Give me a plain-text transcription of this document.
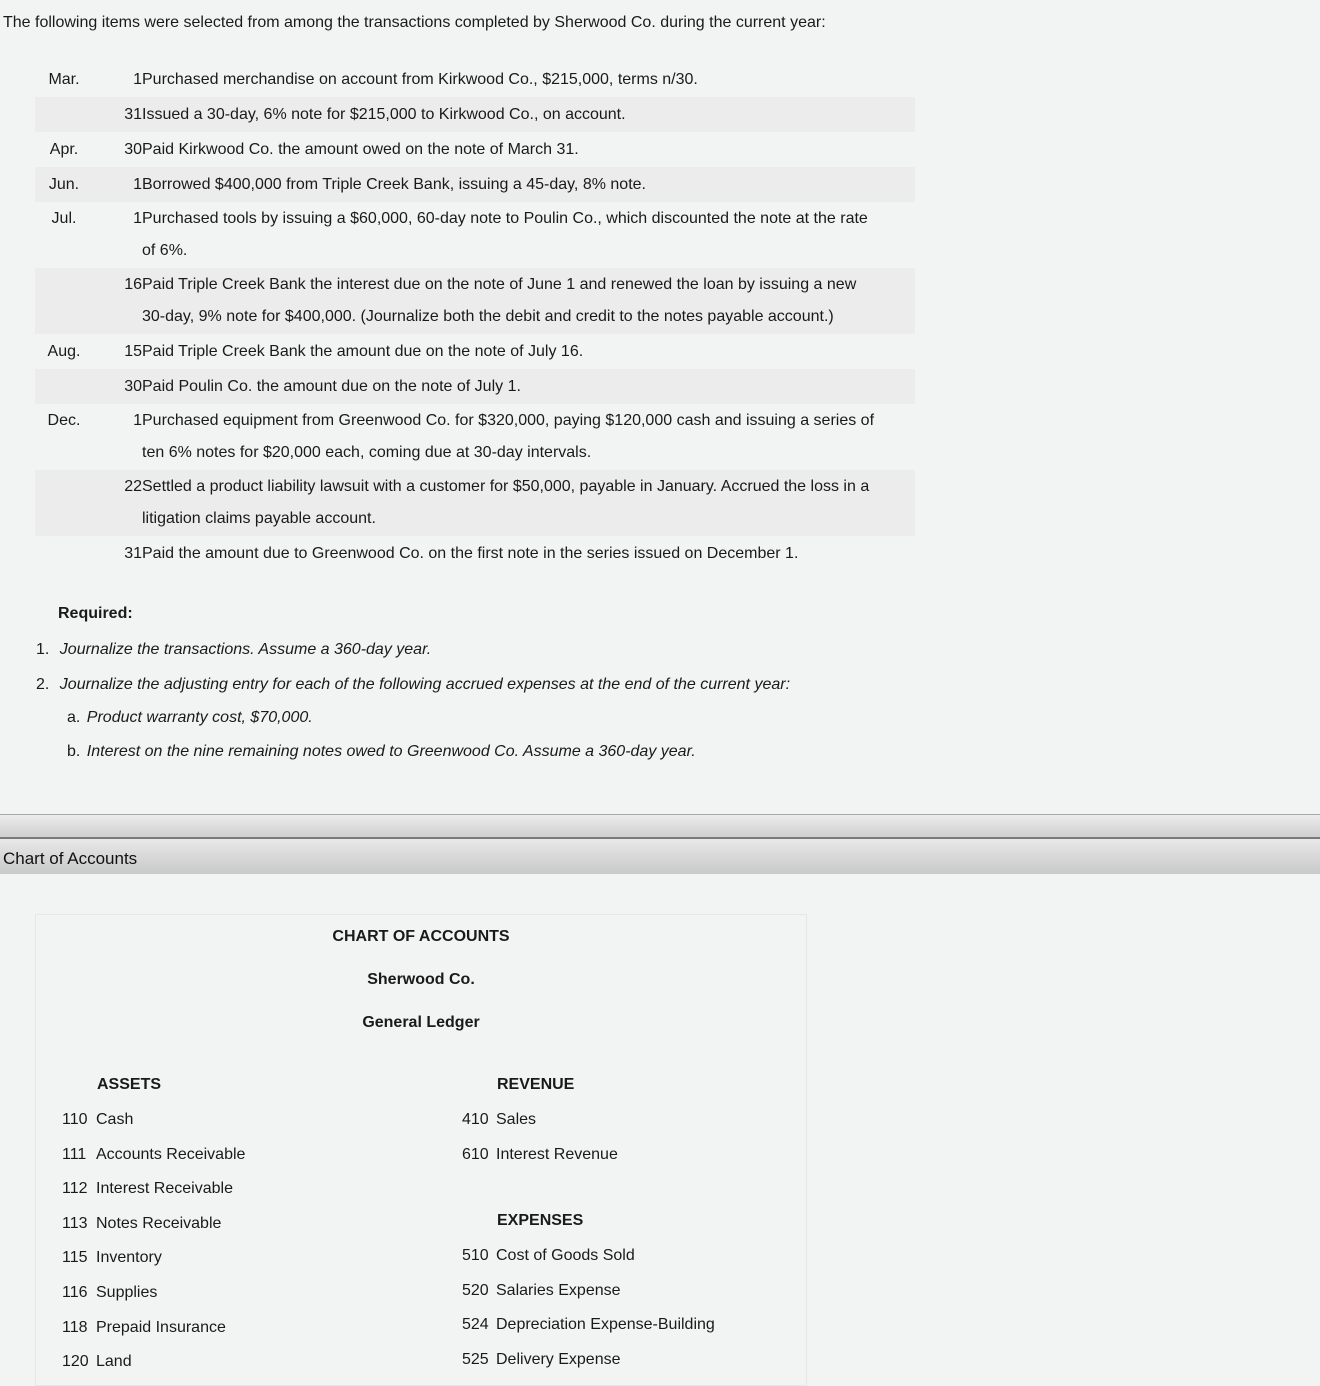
The following items were selected from among the transactions completed by Sherwood Co. during the current year:
Mar.	1 Purchased merchandise on account from Kirkwood Co., $215,000, terms n/30.
31 Issued a 30-day, 6% note for $215,000 to Kirkwood Co., on account.
Apr.	30 Paid Kirkwood Co. the amount owed on the note of March 31.
Jun.	1 Borrowed $400,000 from Triple Creek Bank, issuing a 45-day, 8% note.
Jul.	1 Purchased tools by issuing a $60,000, 60-day note to Poulin Co., which discounted the note at the rate
of 6%.
16 Paid Triple Creek Bank the interest due on the note of June 1 and renewed the loan by issuing a new
30-day, 9% note for $400,000. (Journalize both the debit and credit to the notes payable account.)
Aug.	15 Paid Triple Creek Bank the amount due on the note of July 16.
30 Paid Poulin Co. the amount due on the note of July 1.
Dec.	1 Purchased equipment from Greenwood Co. for $320,000, paying $120,000 cash and issuing a series of
ten 6% notes for $20,000 each, coming due at 30-day intervals.
22 Settled a product liability lawsuit with a customer for $50,000, payable in January. Accrued the loss in a
litigation claims payable account.
31 Paid the amount due to Greenwood Co. on the first note in the series issued on December 1.
Required:
1. Journalize the transactions. Assume a 360-day year.
2. Journalize the adjusting entry for each of the following accrued expenses at the end of the current year:
a. Product warranty cost, $70,000.
b. Interest on the nine remaining notes owed to Greenwood Co. Assume a 360-day year.
Chart of Accounts
CHART OF ACCOUNTS
Sherwood Co.
General Ledger
ASSETS	REVENUE
EXPENSES
110 Cash
111 Accounts Receivable
112 Interest Receivable
113 Notes Receivable
115 Inventory
116 Supplies
118 Prepaid Insurance
120 Land
410 Sales
610 Interest Revenue
510 Cost of Goods Sold
520 Salaries Expense
524 Depreciation Expense-Building
525 Delivery Expense
